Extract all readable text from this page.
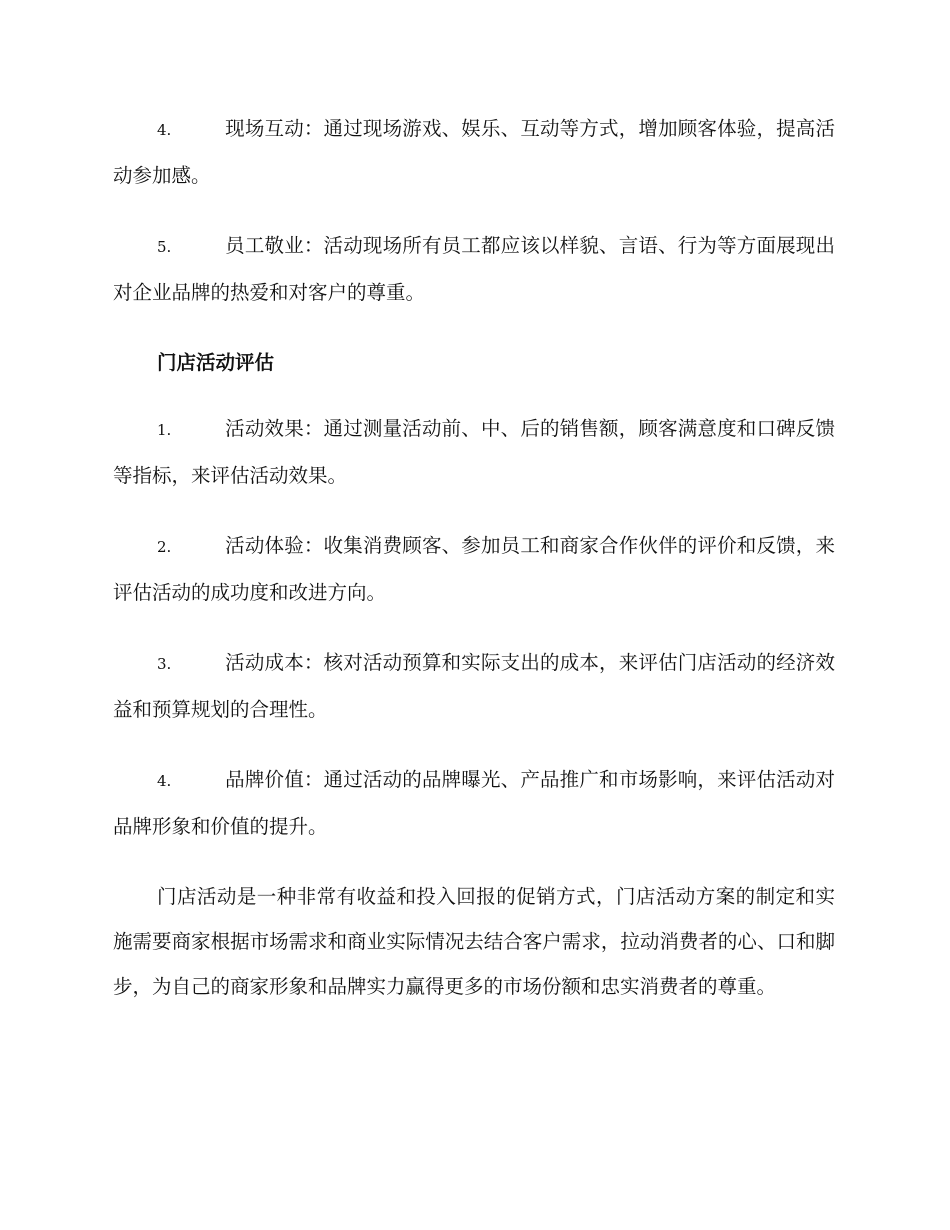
4.	现场互动：通过现场游戏、娱乐、互动等方式，增加顾客体验，提高活动参加感。

5.	员工敬业：活动现场所有员工都应该以样貌、言语、行为等方面展现出对企业品牌的热爱和对客户的尊重。

门店活动评估

1.	活动效果：通过测量活动前、中、后的销售额，顾客满意度和口碑反馈等指标，来评估活动效果。

2.	活动体验：收集消费顾客、参加员工和商家合作伙伴的评价和反馈，来评估活动的成功度和改进方向。

3.	活动成本：核对活动预算和实际支出的成本，来评估门店活动的经济效益和预算规划的合理性。

4.	品牌价值：通过活动的品牌曝光、产品推广和市场影响，来评估活动对品牌形象和价值的提升。

门店活动是一种非常有收益和投入回报的促销方式，门店活动方案的制定和实施需要商家根据市场需求和商业实际情况去结合客户需求，拉动消费者的心、口和脚步，为自己的商家形象和品牌实力赢得更多的市场份额和忠实消费者的尊重。
